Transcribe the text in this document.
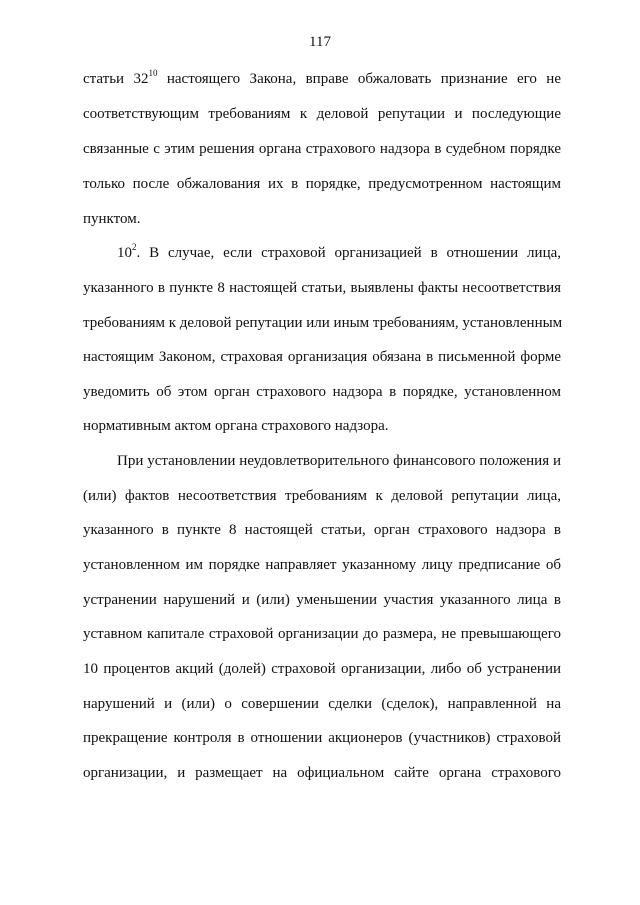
117
статьи $32^{10}$ настоящего Закона, вправе обжаловать признание его не
соответствующим требованиям к деловой репутации и последующие
связанные с этим решения органа страхового надзора в судебном порядке
только после обжалования их в порядке, предусмотренном настоящим
пунктом.
$10^2$. В случае, если страховой организацией в отношении лица,
указанного в пункте 8 настоящей статьи, выявлены факты несоответствия
требованиям к деловой репутации или иным требованиям, установленным
настоящим Законом, страховая организация обязана в письменной форме
уведомить об этом орган страхового надзора в порядке, установленном
нормативным актом органа страхового надзора.
При установлении неудовлетворительного финансового положения и
(или) фактов несоответствия требованиям к деловой репутации лица,
указанного в пункте 8 настоящей статьи, орган страхового надзора в
установленном им порядке направляет указанному лицу предписание об
устранении нарушений и (или) уменьшении участия указанного лица в
уставном капитале страховой организации до размера, не превышающего
10 процентов акций (долей) страховой организации, либо об устранении
нарушений и (или) о совершении сделки (сделок), направленной на
прекращение контроля в отношении акционеров (участников) страховой
организации, и размещает на официальном сайте органа страхового
